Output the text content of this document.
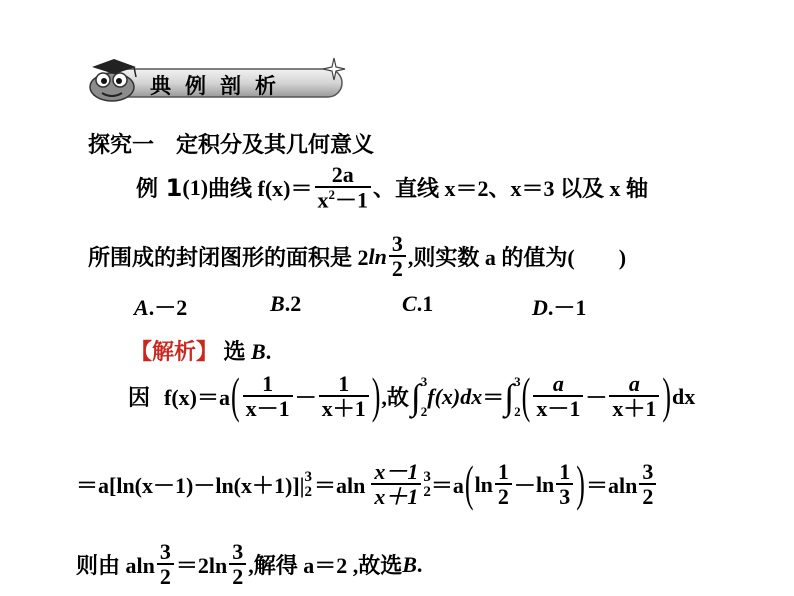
典 例 剖 析
探究一　定积分及其几何意义
例 1 (1) 曲线 $f(x)= \frac{2a}{x^2-1}$ 、直线 x＝2、x＝3 以及 x 轴
所围成的封闭图形的面积是 2 $\ln \frac{3}{2}$ ,则实数 a 的值为(　　)
A.－2	B.2	C.1	D.－1
【解析】 选 B.
因 f(x)＝a ( $\frac{1}{x-1} - \frac{1}{x+1}$ ) ,故 ∫ 3
2
f(x)dx ＝ ∫ 3
2 ( $\frac{a}{x-1} - \frac{a}{x+1}$ ) dx
＝a[ln(x－1)－ln(x＋1)]| 3
$2 =aln \frac{x-1}{x+1} 3$
2 ＝a ( $\ln \frac{1}{2} - \ln \frac{1}{3}$ ) $=aln \frac{3}{2}$
则由 aln $\frac{3}{2} =2\ln \frac{3}{2}$ ,解得 a＝2 ,故选 B .
